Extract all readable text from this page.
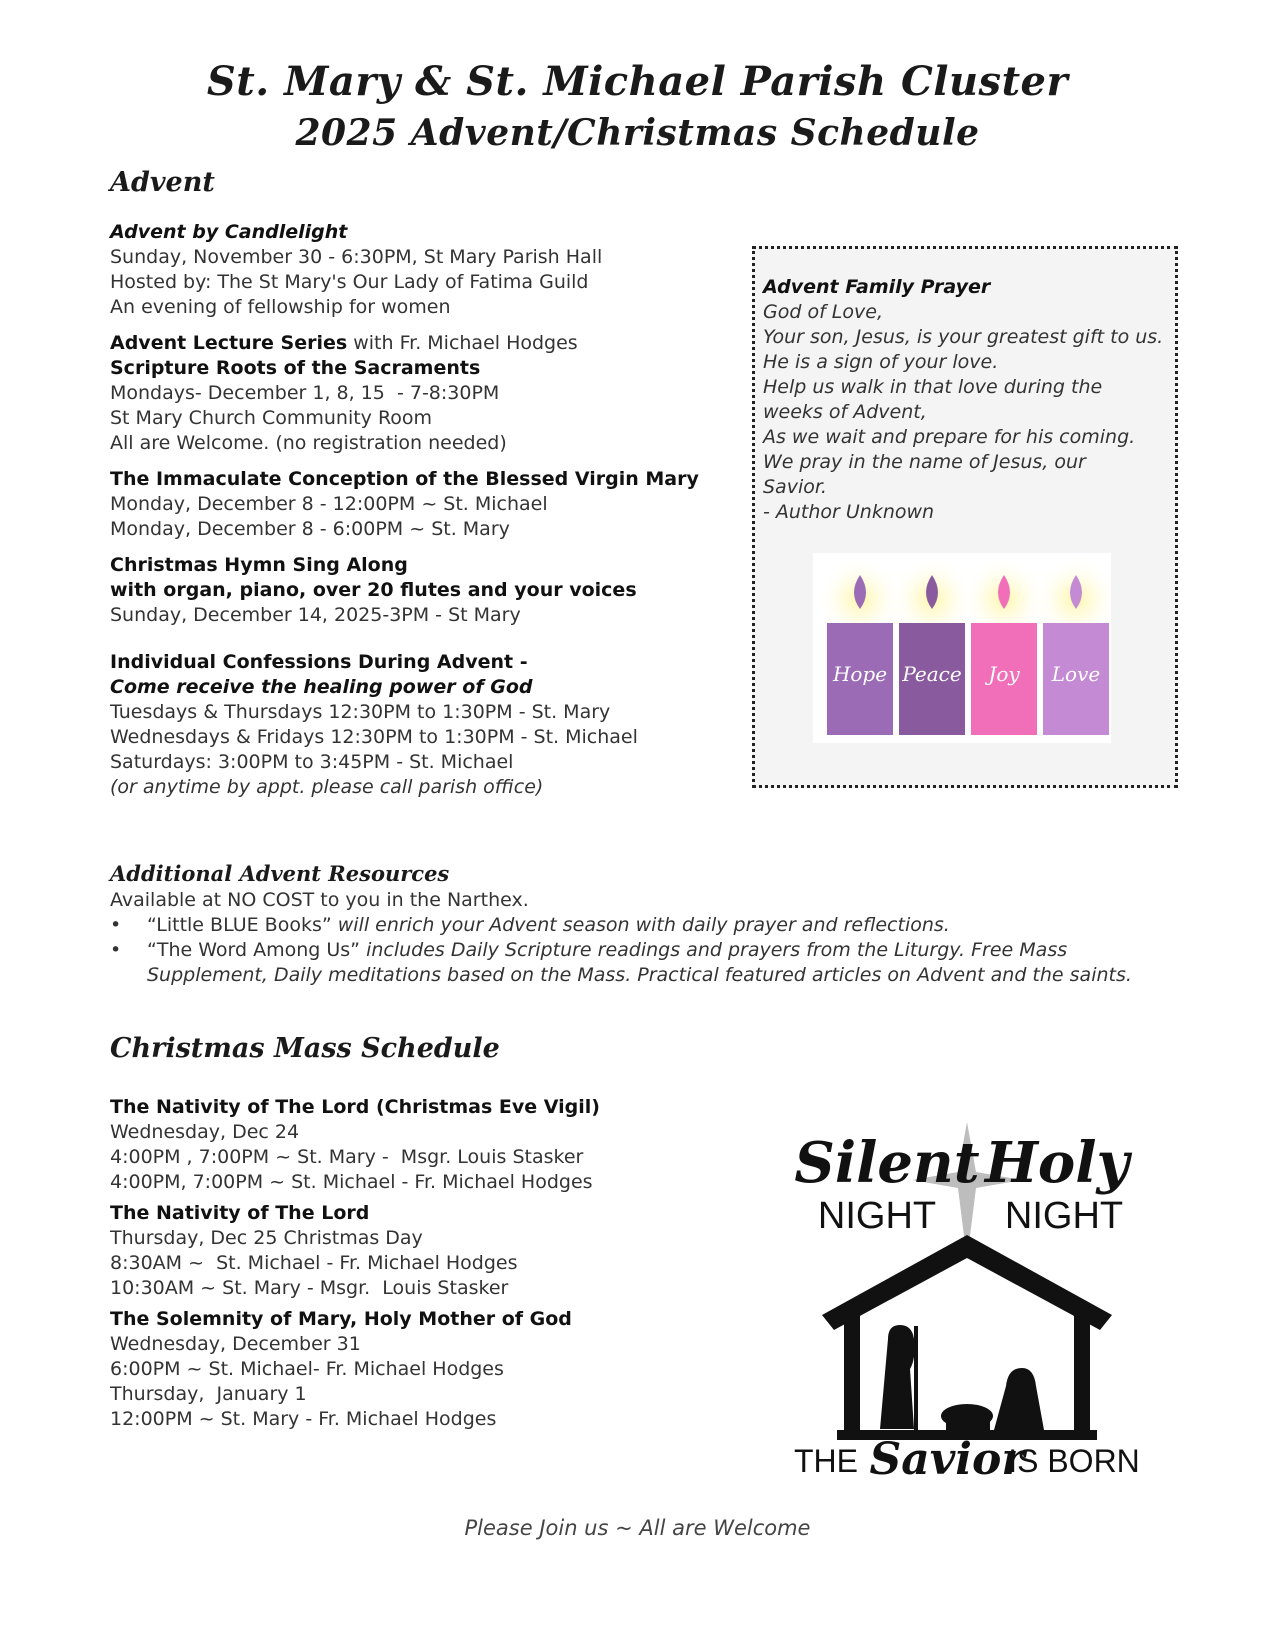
St. Mary & St. Michael Parish Cluster
2025 Advent/Christmas Schedule
Advent
Advent by Candlelight
Sunday, November 30 - 6:30PM, St Mary Parish Hall
Hosted by: The St Mary's Our Lady of Fatima Guild
An evening of fellowship for women
Advent Lecture Series with Fr. Michael Hodges
Scripture Roots of the Sacraments
Mondays- December 1, 8, 15  - 7-8:30PM
St Mary Church Community Room
All are Welcome. (no registration needed)
The Immaculate Conception of the Blessed Virgin Mary
Monday, December 8 - 12:00PM ~ St. Michael
Monday, December 8 - 6:00PM ~ St. Mary
Christmas Hymn Sing Along
with organ, piano, over 20 flutes and your voices
Sunday, December 14, 2025-3PM - St Mary
Individual Confessions During Advent -
Come receive the healing power of God
Tuesdays & Thursdays 12:30PM to 1:30PM - St. Mary
Wednesdays & Fridays 12:30PM to 1:30PM - St. Michael
Saturdays: 3:00PM to 3:45PM - St. Michael
(or anytime by appt. please call parish office)
Advent Family Prayer
God of Love,
Your son, Jesus, is your greatest gift to us.
He is a sign of your love.
Help us walk in that love during the
weeks of Advent,
As we wait and prepare for his coming.
We pray in the name of Jesus, our
Savior.
- Author Unknown
Hope Peace Joy Love
Additional Advent Resources
Available at NO COST to you in the Narthex.
• “Little BLUE Books” will enrich your Advent season with daily prayer and reflections.
• “The Word Among Us” includes Daily Scripture readings and prayers from the Liturgy. Free Mass
Supplement, Daily meditations based on the Mass. Practical featured articles on Advent and the saints.
Christmas Mass Schedule
The Nativity of The Lord (Christmas Eve Vigil)
Wednesday, Dec 24
4:00PM , 7:00PM ~ St. Mary -  Msgr. Louis Stasker
4:00PM, 7:00PM ~ St. Michael - Fr. Michael Hodges
The Nativity of The Lord
Thursday, Dec 25 Christmas Day
8:30AM ~  St. Michael - Fr. Michael Hodges
10:30AM ~ St. Mary - Msgr.  Louis Stasker
The Solemnity of Mary, Holy Mother of God
Wednesday, December 31
6:00PM ~ St. Michael- Fr. Michael Hodges
Thursday,  January 1
12:00PM ~ St. Mary - Fr. Michael Hodges
Silent Holy
NIGHT NIGHT
THE Savior
IS BORN
Please Join us ~ All are Welcome
